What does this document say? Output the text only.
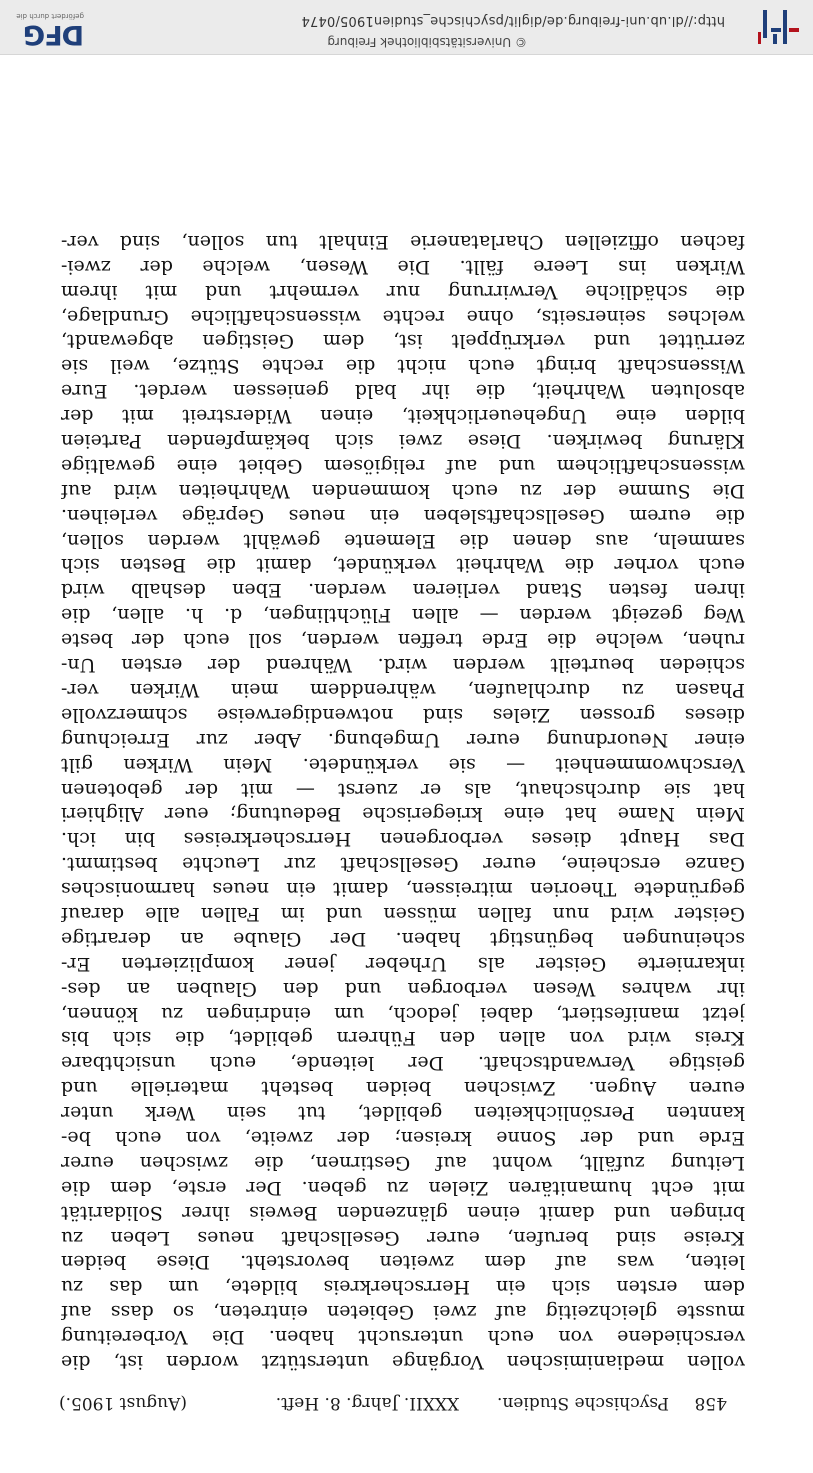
458
Psychische Studien.
XXXII. Jahrg. 8. Heft.
(August 1905.)
vollen medianimischen Vorgänge unterstützt worden ist, die
verschiedene von euch untersucht haben. Die Vorbereitung
musste gleichzeitig auf zwei Gebieten eintreten, so dass auf
dem ersten sich ein Herrscherkreis bildete, um das zu
leiten, was auf dem zweiten bevorsteht. Diese beiden
Kreise sind berufen, eurer Gesellschaft neues Leben zu
bringen und damit einen glänzenden Beweis ihrer Solidarität
mit echt humanitären Zielen zu geben. Der erste, dem die
Leitung zufällt, wohnt auf Gestirnen, die zwischen eurer
Erde und der Sonne kreisen; der zweite, von euch be-
kannten Persönlichkeiten gebildet, tut sein Werk unter
euren Augen. Zwischen beiden besteht materielle und
geistige Verwandtschaft. Der leitende, euch unsichtbare
Kreis wird von allen den Führern gebildet, die sich bis
jetzt manifestiert, dabei jedoch, um eindringen zu können,
ihr wahres Wesen verborgen und den Glauben an des-
inkarnierte Geister als Urheber jener komplizierten Er-
scheinungen begünstigt haben. Der Glaube an derartige
Geister wird nun fallen müssen und im Fallen alle darauf
gegründete Theorien mitreissen, damit ein neues harmonisches
Ganze erscheine, eurer Gesellschaft zur Leuchte bestimmt.
Das Haupt dieses verborgenen Herrscherkreises bin ich.
Mein Name hat eine kriegerische Bedeutung; euer Alighieri
hat sie durchschaut, als er zuerst — mit der gebotenen
Verschwommenheit — sie verkündete. Mein Wirken gilt
einer Neuordnung eurer Umgebung. Aber zur Erreichung
dieses grossen Zieles sind notwendigerweise schmerzvolle
Phasen zu durchlaufen, währenddem mein Wirken ver-
schieden beurteilt werden wird. Während der ersten Un-
ruhen, welche die Erde treffen werden, soll euch der beste
Weg gezeigt werden — allen Flüchtlingen, d. h. allen, die
ihren festen Stand verlieren werden. Eben deshalb wird
euch vorher die Wahrheit verkündet, damit die Besten sich
sammeln, aus denen die Elemente gewählt werden sollen,
die eurem Gesellschaftsleben ein neues Gepräge verleihen.
Die Summe der zu euch kommenden Wahrheiten wird auf
wissenschaftlichem und auf religiösem Gebiet eine gewaltige
Klärung bewirken. Diese zwei sich bekämpfenden Parteien
bilden eine Ungeheuerlichkeit, einen Widerstreit mit der
absoluten Wahrheit, die ihr bald geniessen werdet. Eure
Wissenschaft bringt euch nicht die rechte Stütze, weil sie
zerrüttet und verkrüppelt ist, dem Geistigen abgewandt,
welches seinerseits, ohne rechte wissenschaftliche Grundlage,
die schädliche Verwirrung nur vermehrt und mit ihrem
Wirken ins Leere fällt. Die Wesen, welche der zwei-
fachen offiziellen Charlatanerie Einhalt tun sollen, sind ver-
© Universitätsbibliothek Freiburg
http://dl.ub.uni-freiburg.de/diglit/psychische_studien1905/0474
DFG
gefördert durch die
